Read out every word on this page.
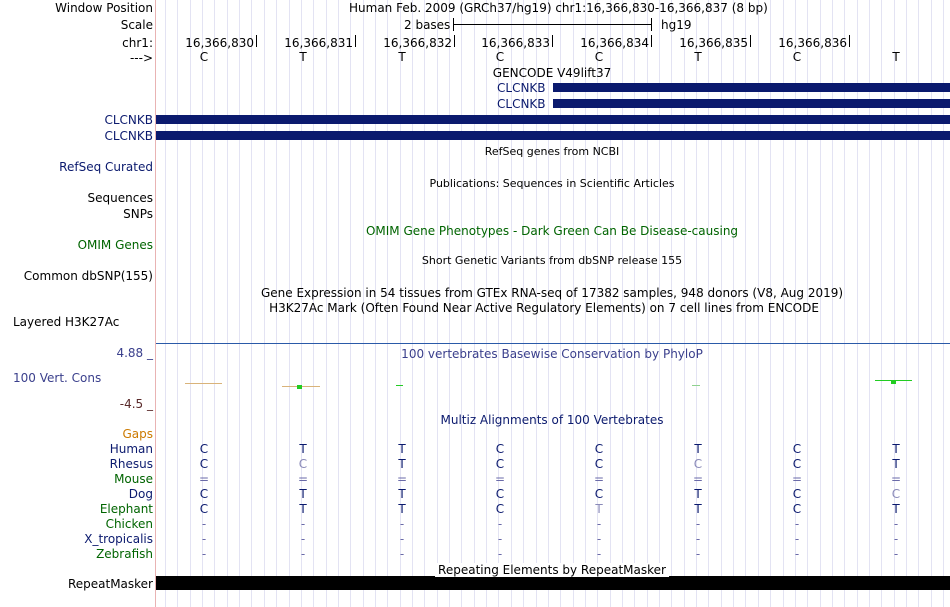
Window Position	Human Feb. 2009 (GRCh37/hg19) chr1:16,366,830-16,366,837 (8 bp)
Scale	2 bases	hg19
chr1:	16,366,830	16,366,831	16,366,832 16,366,833	16,366,834	16,366,835	16,366,836
--->	C	T	T	C	C	T	C	T
GENCODE V49lift37
CLCNKB
CLCNKB
CLCNKB
CLCNKB
RefSeq genes from NCBI
RefSeq Curated
Publications: Sequences in Scientific Articles
Sequences
SNPs
OMIM Gene Phenotypes - Dark Green Can Be Disease-causing
OMIM Genes
Short Genetic Variants from dbSNP release 155
Common dbSNP(155)
Gene Expression in 54 tissues from GTEx RNA-seq of 17382 samples, 948 donors (V8, Aug 2019)
H3K27Ac Mark (Often Found Near Active Regulatory Elements) on 7 cell lines from ENCODE
Layered H3K27Ac
4.88 _	100 vertebrates Basewise Conservation by PhyloP
100 Vert. Cons
-4.5 _
Multiz Alignments of 100 Vertebrates
Gaps
Human	C	T	T	C	C	T	C	T
Rhesus	C	C	T	C	C	C	C	T
Mouse	=	=	=	=	=	=	=	=
Dog	C	T	T	C	C	T	C	C
Elephant	C	T	T	C	T	T	C	T
Chicken	-	-	-	-	-	-	-	-
X_tropicalis	-	-	-	-	-	-	-	-
Zebrafish	-	-	-	-	-	-	-	-
RepeatMasker
Repeating Elements by RepeatMasker
